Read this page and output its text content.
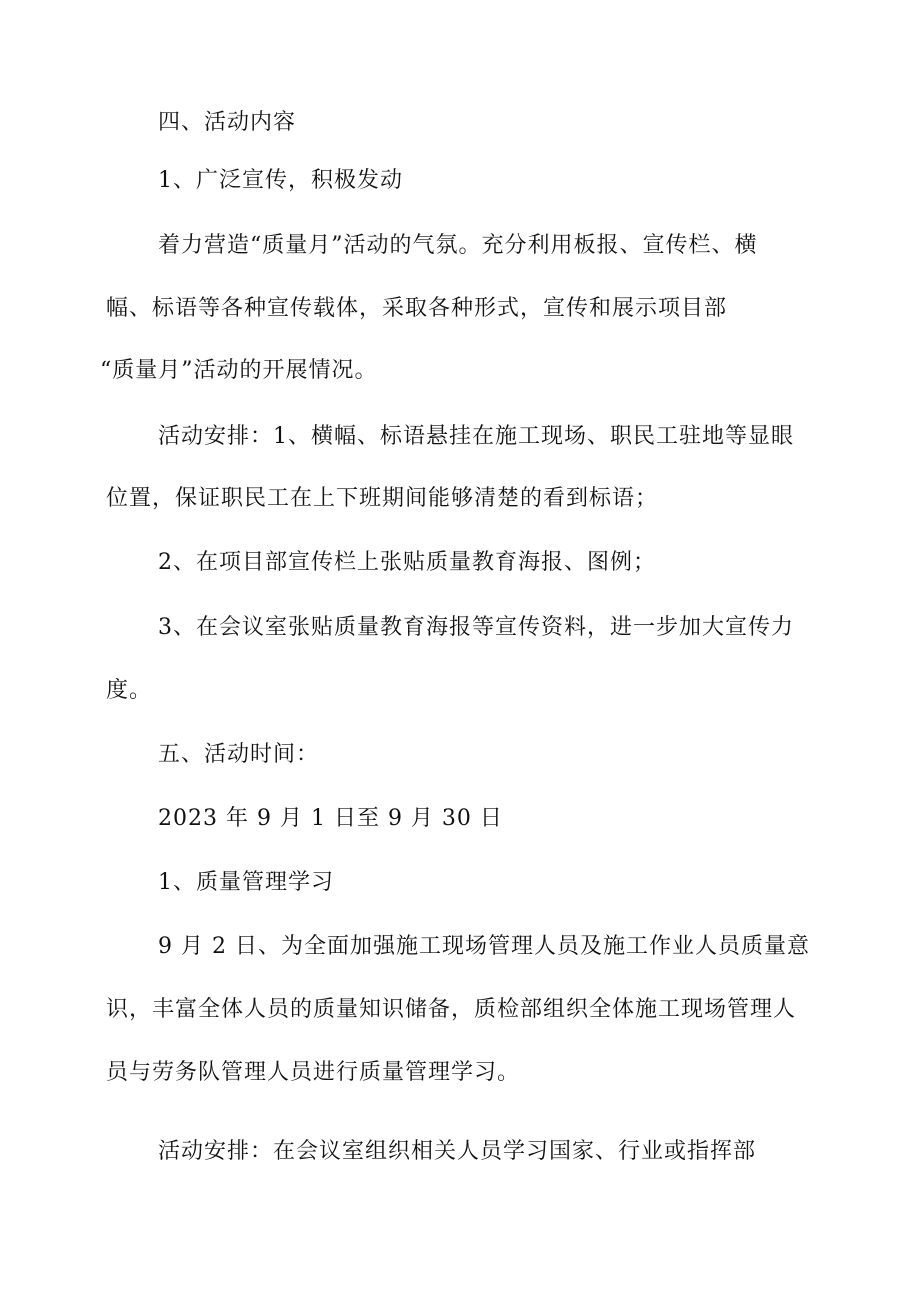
四、活动内容
1、广泛宣传，积极发动
着力营造“质量月”活动的气氛。充分利用板报、宣传栏、横
幅、标语等各种宣传载体，采取各种形式，宣传和展示项目部
“质量月”活动的开展情况。
活动安排：1、横幅、标语悬挂在施工现场、职民工驻地等显眼
位置，保证职民工在上下班期间能够清楚的看到标语；
2、在项目部宣传栏上张贴质量教育海报、图例；
3、在会议室张贴质量教育海报等宣传资料，进一步加大宣传力
度。
五、活动时间：
2023 年 9 月 1 日至 9 月 30 日
1、质量管理学习
9 月 2 日、为全面加强施工现场管理人员及施工作业人员质量意
识，丰富全体人员的质量知识储备，质检部组织全体施工现场管理人
员与劳务队管理人员进行质量管理学习。
活动安排：在会议室组织相关人员学习国家、行业或指挥部
